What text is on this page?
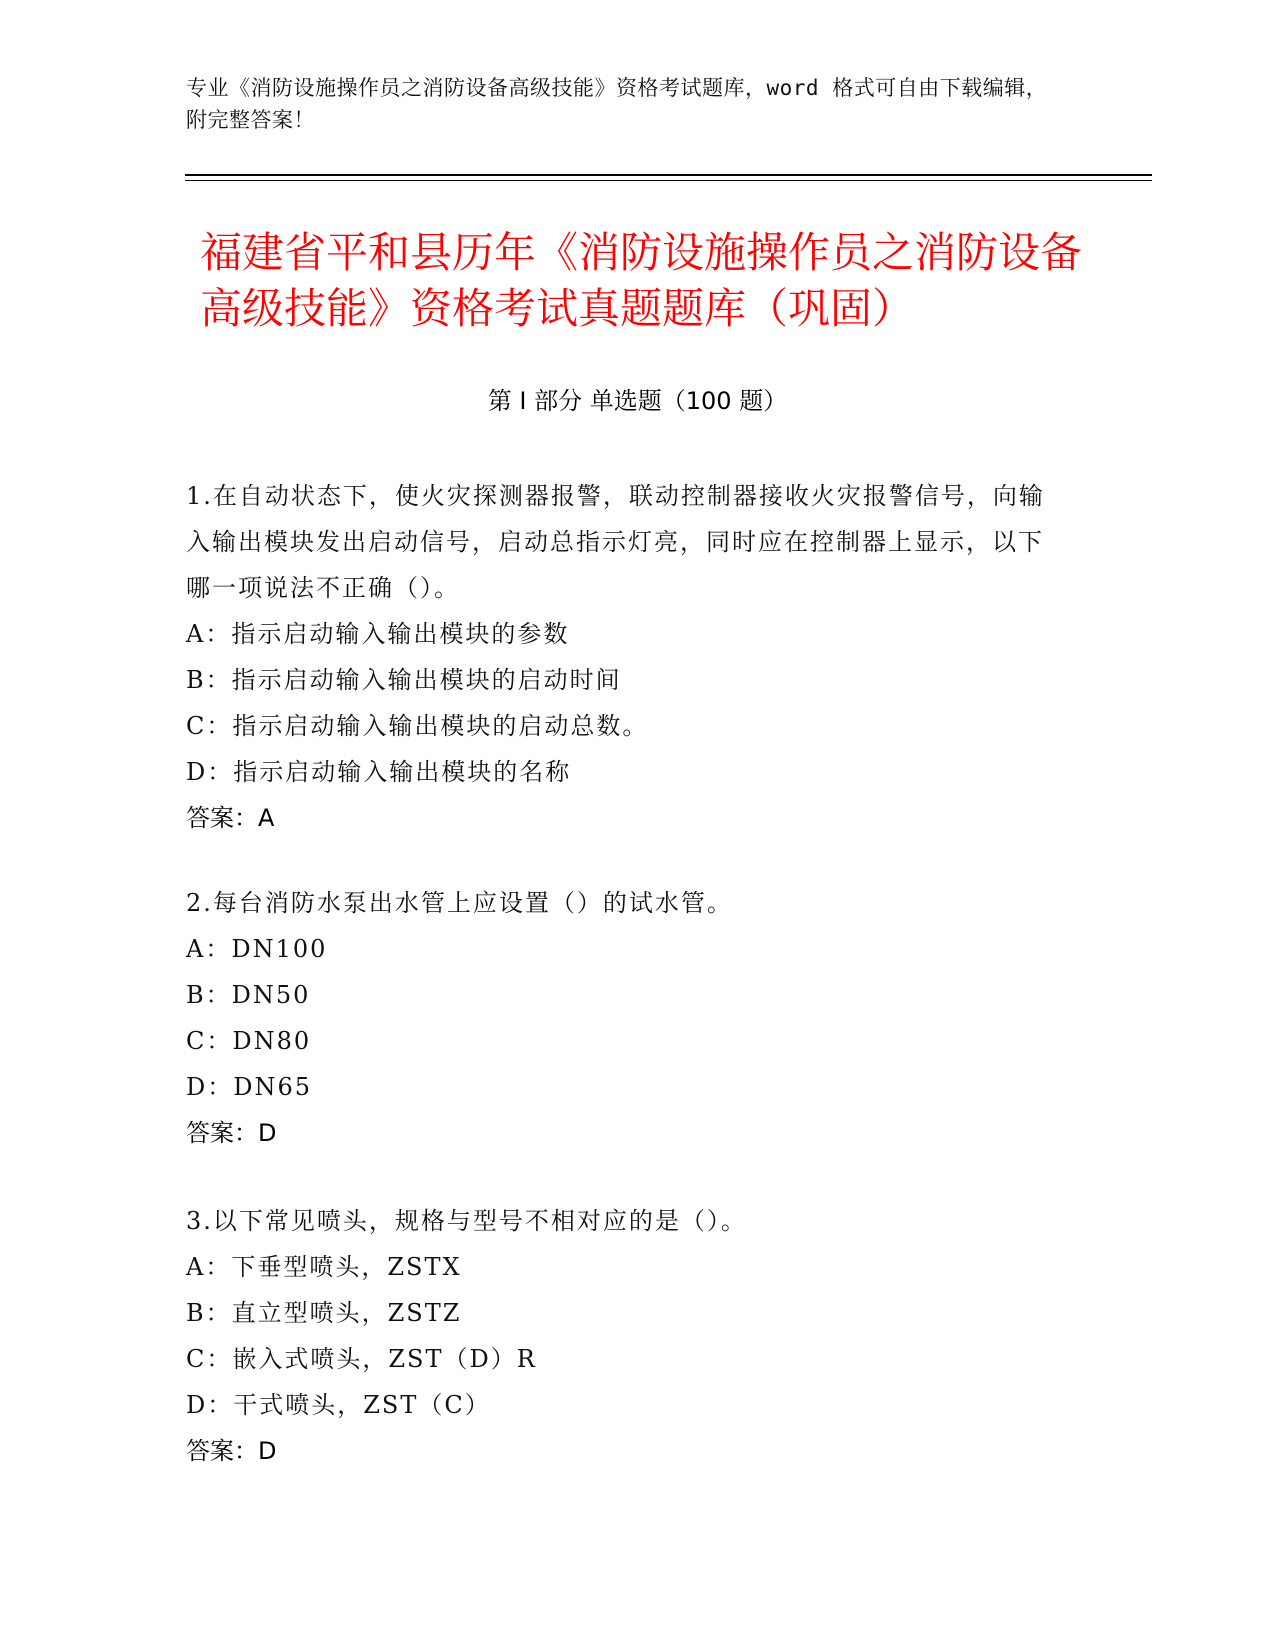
专业《消防设施操作员之消防设备高级技能》资格考试题库，word 格式可自由下载编辑，附完整答案！
福建省平和县历年《消防设施操作员之消防设备高级技能》资格考试真题题库（巩固）
第 I 部分 单选题（100 题）
1.在自动状态下，使火灾探测器报警，联动控制器接收火灾报警信号，向输入输出模块发出启动信号，启动总指示灯亮，同时应在控制器上显示，以下哪一项说法不正确（）。
A：指示启动输入输出模块的参数
B：指示启动输入输出模块的启动时间
C：指示启动输入输出模块的启动总数。
D：指示启动输入输出模块的名称
答案：A
2.每台消防水泵出水管上应设置（）的试水管。
A：DN100
B：DN50
C：DN80
D：DN65
答案：D
3.以下常见喷头，规格与型号不相对应的是（）。
A：下垂型喷头，ZSTX
B：直立型喷头，ZSTZ
C：嵌入式喷头，ZST（D）R
D：干式喷头，ZST（C）
答案：D
